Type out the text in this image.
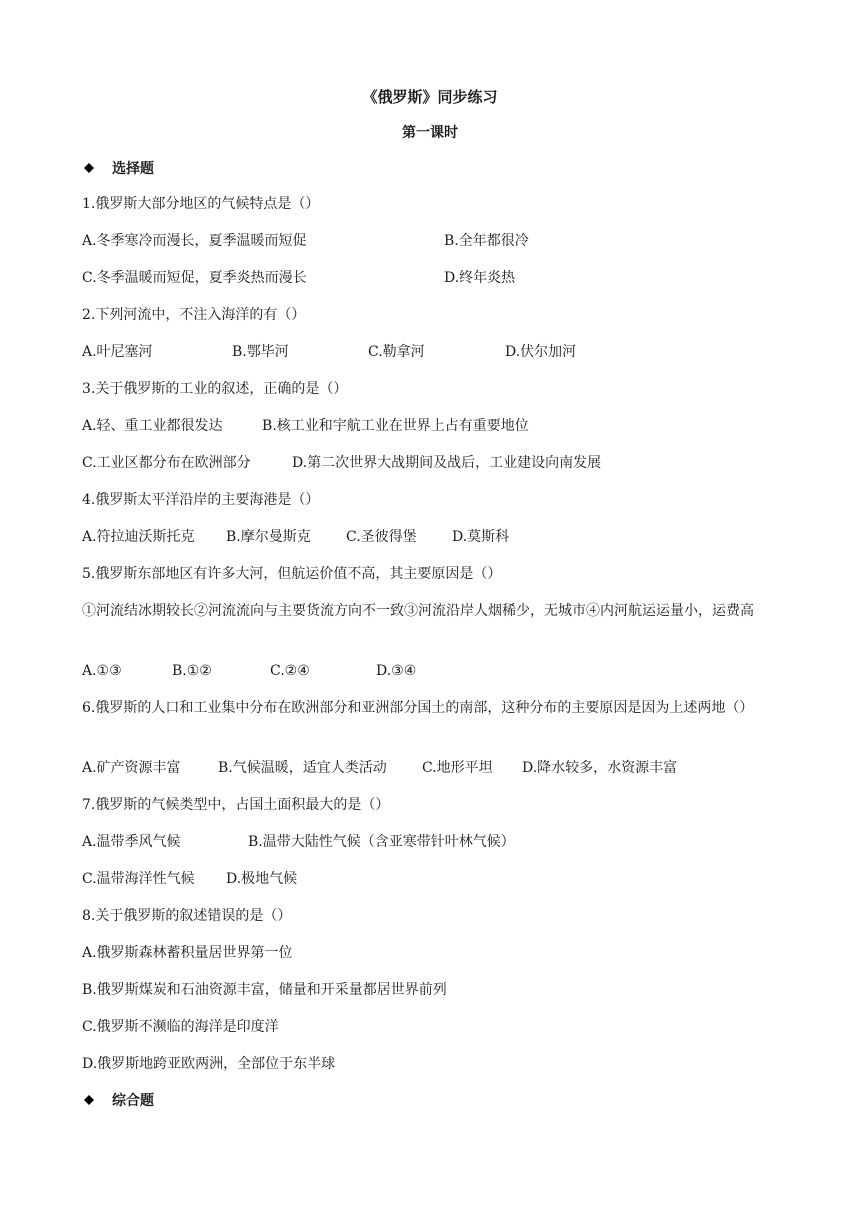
《俄罗斯》同步练习
第一课时
选择题
1.俄罗斯大部分地区的气候特点是（）
A.冬季寒冷而漫长，夏季温暖而短促	B.全年都很冷
C.冬季温暖而短促，夏季炎热而漫长	D.终年炎热
2.下列河流中，不注入海洋的有（）
A.叶尼塞河	B.鄂毕河	C.勒拿河	D.伏尔加河
3.关于俄罗斯的工业的叙述，正确的是（）
A.轻、重工业都很发达	B.核工业和宇航工业在世界上占有重要地位
C.工业区都分布在欧洲部分	D.第二次世界大战期间及战后，工业建设向南发展
4.俄罗斯太平洋沿岸的主要海港是（）
A.符拉迪沃斯托克 B.摩尔曼斯克	C.圣彼得堡	D.莫斯科
5.俄罗斯东部地区有许多大河，但航运价值不高，其主要原因是（）
①河流结冰期较长②河流流向与主要货流方向不一致③河流沿岸人烟稀少，无城市④内河航运运量小，运费高
A.①③	B.①②	C.②④	D.③④
6.俄罗斯的人口和工业集中分布在欧洲部分和亚洲部分国土的南部，这种分布的主要原因是因为上述两地（）
A.矿产资源丰富	B.气候温暖，适宜人类活动	C.地形平坦 D.降水较多，水资源丰富
7.俄罗斯的气候类型中，占国土面积最大的是（）
A.温带季风气候	B.温带大陆性气候（含亚寒带针叶林气候）
C.温带海洋性气候 D.极地气候
8.关于俄罗斯的叙述错误的是（）
A.俄罗斯森林蓄积量居世界第一位
B.俄罗斯煤炭和石油资源丰富，储量和开采量都居世界前列
C.俄罗斯不濒临的海洋是印度洋
D.俄罗斯地跨亚欧两洲，全部位于东半球
综合题
